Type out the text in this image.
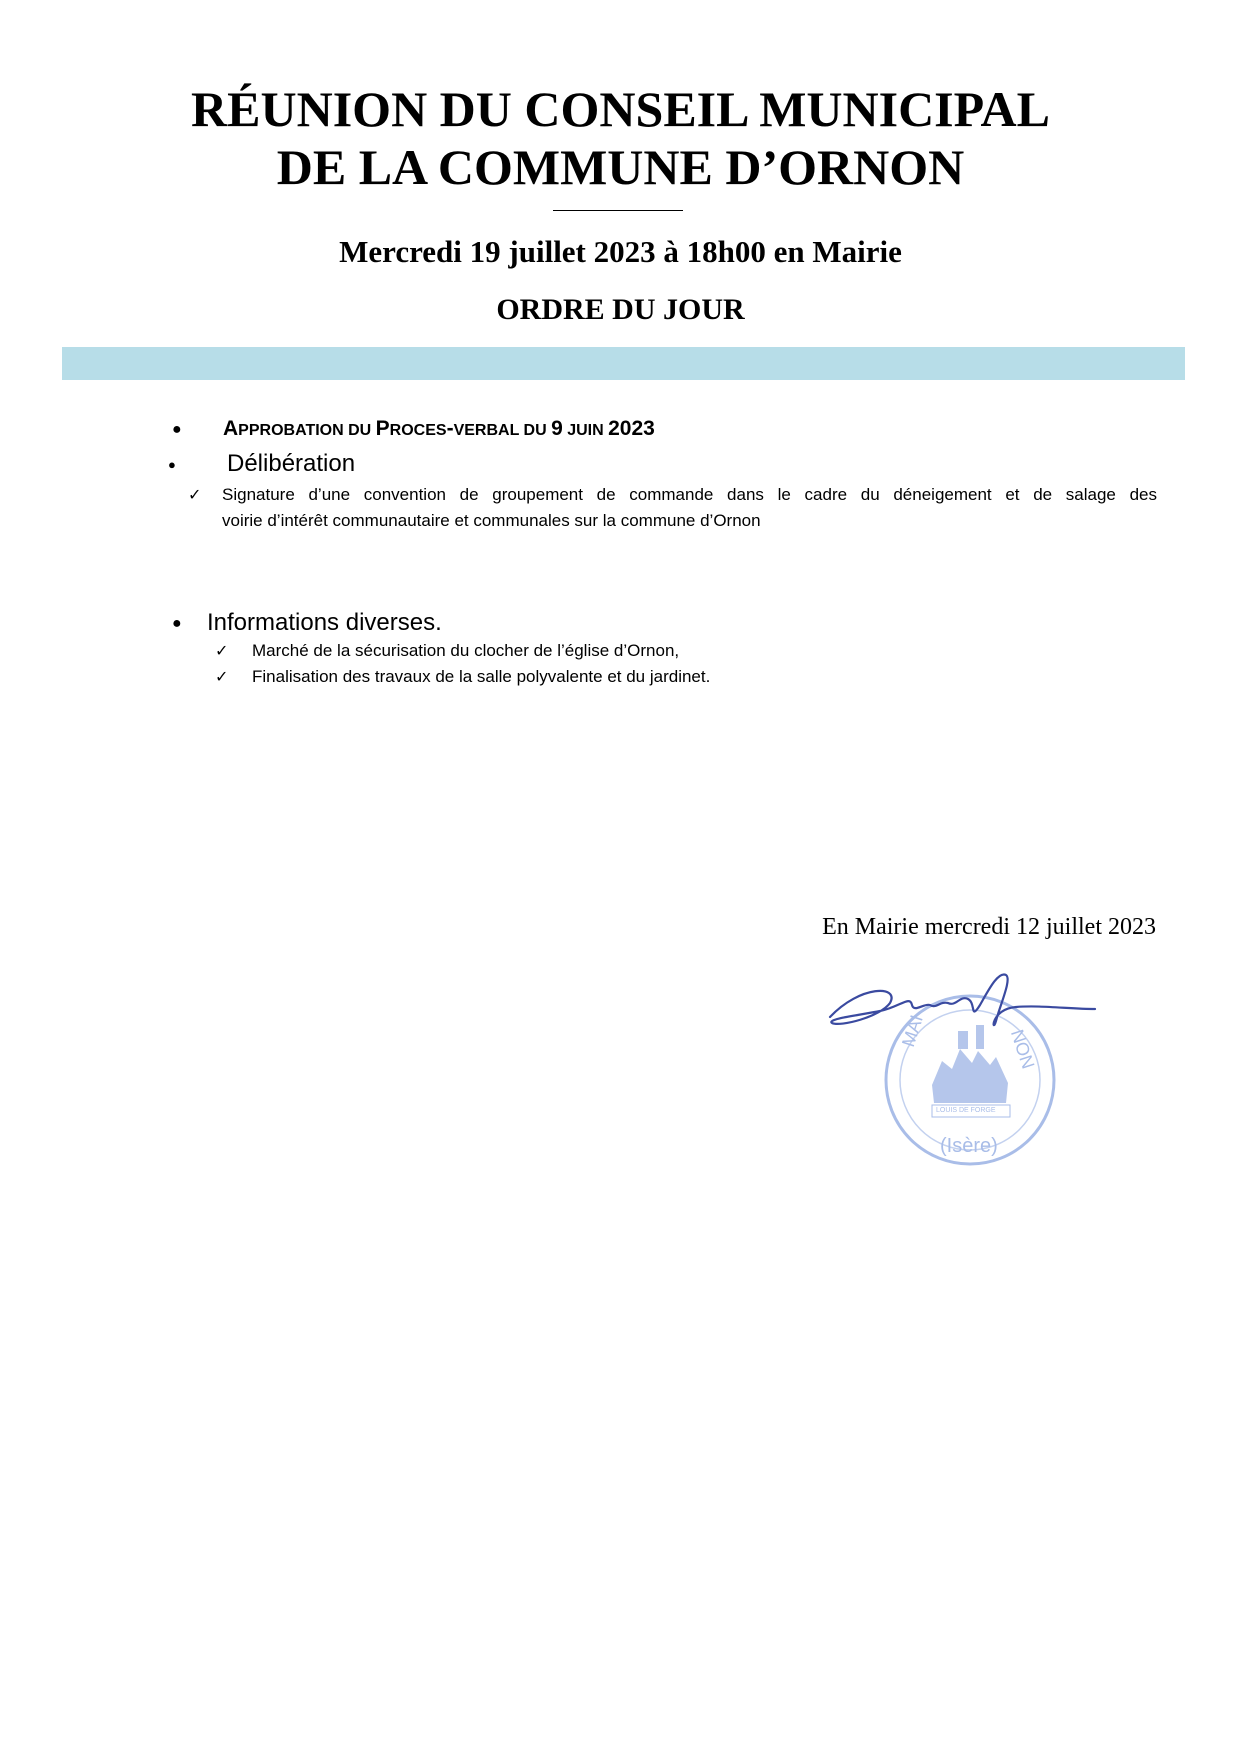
RÉUNION DU CONSEIL MUNICIPAL
DE LA COMMUNE D’ORNON
Mercredi 19 juillet 2023 à 18h00 en Mairie
ORDRE DU JOUR
● APPROBATION DU PROCES-VERBAL DU 9 JUIN 2023
● Délibération
✓ Signature d’une convention de groupement de commande dans le cadre du déneigement et de salage des
voirie d’intérêt communautaire et communales sur la commune d’Ornon
● Informations diverses.
✓ Marché de la sécurisation du clocher de l’église d’Ornon,
✓ Finalisation des travaux de la salle polyvalente et du jardinet.
En Mairie mercredi 12 juillet 2023
MAI	NON
(Isère)
LOUIS DE FORGE
